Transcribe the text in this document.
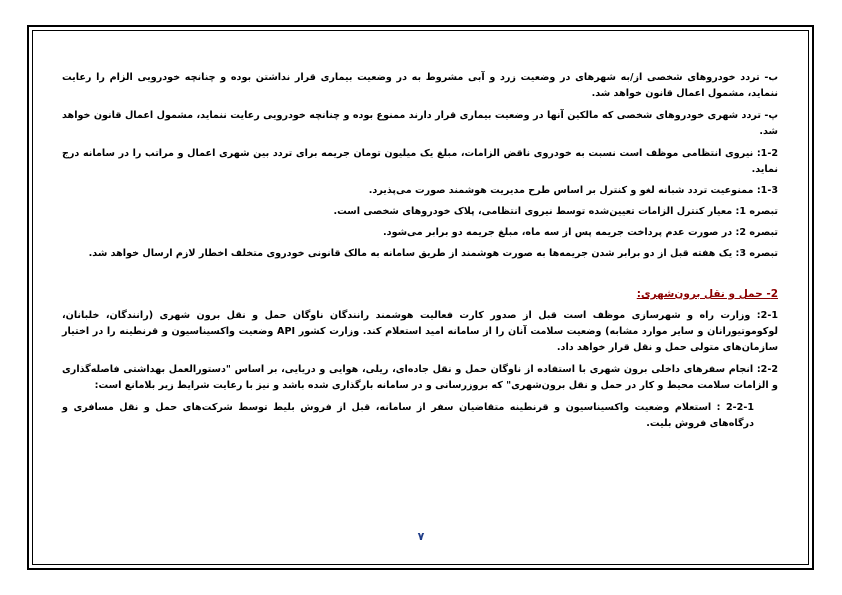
ب- تردد خودروهای شخصی از/به شهرهای در وضعیت زرد و آبی مشروط به در وضعیت بیماری قرار نداشتن بوده و چنانچه خودرویی الزام را رعایت ننماید، مشمول اعمال قانون خواهد شد.

پ- تردد شهری خودروهای شخصی که مالکین آنها در وضعیت بیماری قرار دارند ممنوع بوده و چنانچه خودرویی رعایت ننماید، مشمول اعمال قانون خواهد شد.

1-2: نیروی انتظامی موظف است نسبت به خودروی ناقض الزامات، مبلغ یک میلیون تومان جریمه برای تردد بین شهری اعمال و مراتب را در سامانه درج نماید.

1-3: ممنوعیت تردد شبانه لغو و کنترل بر اساس طرح مدیریت هوشمند صورت می‌پذیرد.

تبصره 1: معیار کنترل الزامات تعیین‌شده توسط نیروی انتظامی، پلاک خودروهای شخصی است.

تبصره 2: در صورت عدم پرداخت جریمه پس از سه ماه، مبلغ جریمه دو برابر می‌شود.

تبصره 3: یک هفته قبل از دو برابر شدن جریمه‌ها به صورت هوشمند از طریق سامانه به مالک قانونی خودروی متخلف اخطار لازم ارسال خواهد شد.

2- حمل و نقل برون‌شهری:

2-1: وزارت راه و شهرسازی موظف است قبل از صدور کارت فعالیت هوشمند رانندگان ناوگان حمل و نقل برون شهری (رانندگان، خلبانان، لوکوموتیورانان و سایر موارد مشابه) وضعیت سلامت آنان را از سامانه امید استعلام کند. وزارت کشور API وضعیت واکسیناسیون و قرنطینه را در اختیار سازمان‌های متولی حمل و نقل قرار خواهد داد.

2-2: انجام سفرهای داخلی برون شهری با استفاده از ناوگان حمل و نقل جاده‌ای، ریلی، هوایی و دریایی، بر اساس "دستورالعمل بهداشتی فاصله‌گذاری و الزامات سلامت محیط و کار در حمل و نقل برون‌شهری" که بروزرسانی و در سامانه بارگذاری شده باشد و نیز با رعایت شرایط زیر بلامانع است:

2-2-1 : استعلام وضعیت واکسیناسیون و قرنطینه متقاضیان سفر از سامانه، قبل از فروش بلیط توسط شرکت‌های حمل و نقل مسافری و درگاه‌های فروش بلیت.

۷
